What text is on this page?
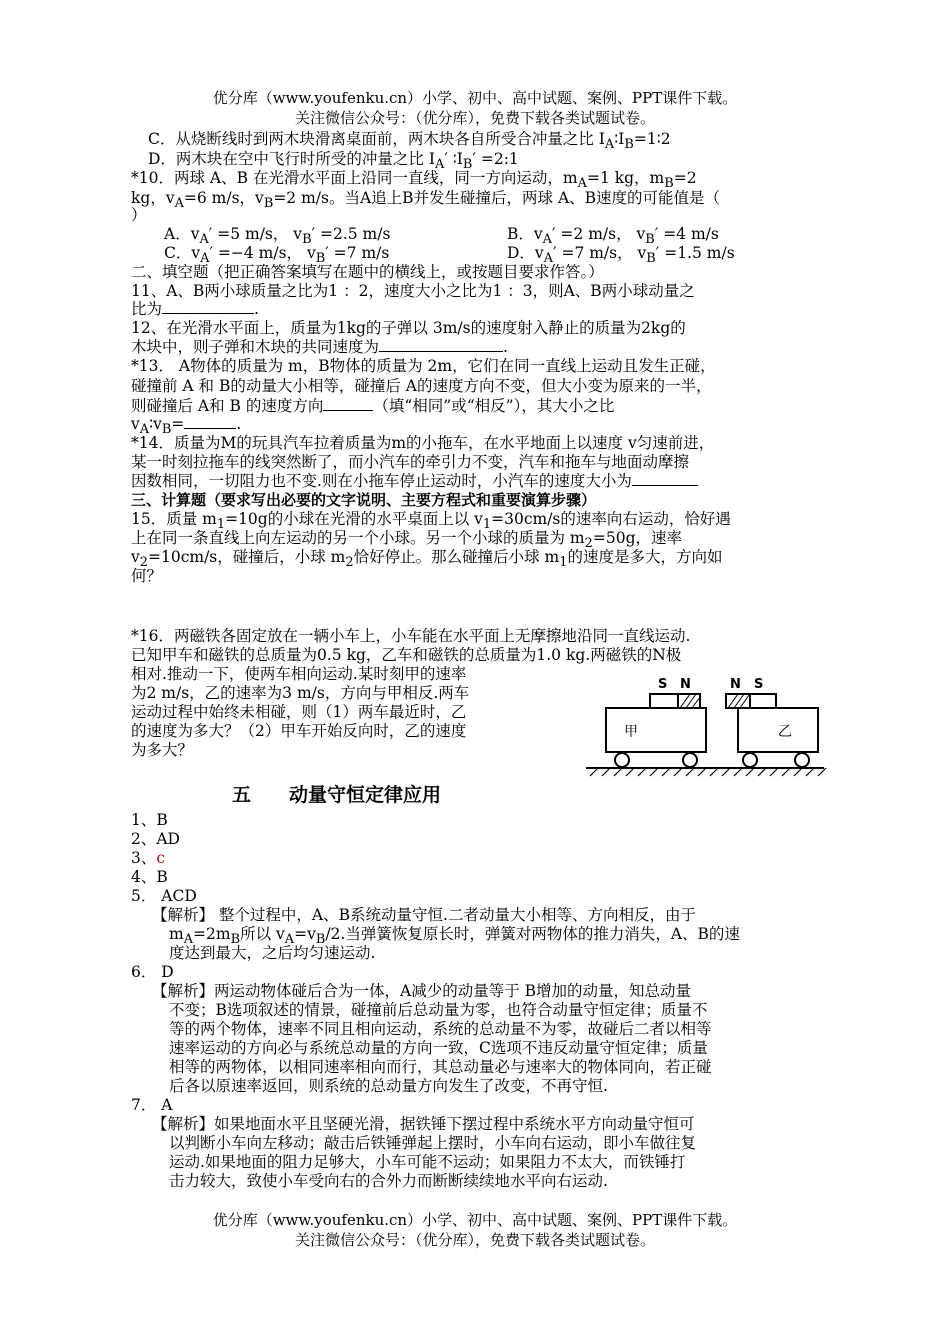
优分库（www.youfenku.cn）小学、初中、高中试题、案例、PPT课件下载。
关注微信公众号：（优分库），免费下载各类试题试卷。
C．从烧断线时到两木块滑离桌面前，两木块各自所受合冲量之比 $I_A∶I_B=1∶2$
D．两木块在空中飞行时所受的冲量之比 $I_A'$ $∶I_B'$ =2:1
*10．两球 A、B 在光滑水平面上沿同一直线，同一方向运动，$m_A=1$ kg，$m_B=2$
kg，$v_A=6$ m/s，$v_B=2$ m/s。当A追上B并发生碰撞后，两球 A、B速度的可能值是（
）
A．$v_A' =5$ m/s， $v_B' =2.5$ m/s	B．$v_A' =2$ m/s， $v_B' =4$ m/s
C．$v_A' =-4$ m/s， $v_B' =7$ m/s	D．$v_A' =7$ m/s， $v_B' =1.5$ m/s
二、填空题（把正确答案填写在题中的横线上，或按题目要求作答。）
11、A、B两小球质量之比为1 ：2，速度大小之比为1 ：3，则A、B两小球动量之
比为	.
12、在光滑水平面上，质量为1kg的子弹以 3m/s的速度射入静止的质量为2kg的
木块中，则子弹和木块的共同速度为	.
*13． A物体的质量为 m，B物体的质量为 2m，它们在同一直线上运动且发生正碰，
碰撞前 A 和 B的动量大小相等，碰撞后 A的速度方向不变，但大小变为原来的一半，
则碰撞后 A和 B 的速度方向	（填“相同”或“相反”），其大小之比
$v_A∶v_B=$	.
*14．质量为M的玩具汽车拉着质量为m的小拖车，在水平地面上以速度 v匀速前进，
某一时刻拉拖车的线突然断了，而小汽车的牵引力不变，汽车和拖车与地面动摩擦
因数相同，一切阻力也不变.则在小拖车停止运动时，小汽车的速度大小为
三、计算题（要求写出必要的文字说明、主要方程式和重要演算步骤）
15．质量 $m_1=10g$的小球在光滑的水平桌面上以 $v_1=30cm/s$的速率向右运动，恰好遇
上在同一条直线上向左运动的另一个小球。另一个小球的质量为 $m_2=50g$，速率
$v_2=10cm/s$，碰撞后，小球 $m_2$恰好停止。那么碰撞后小球 $m_1$的速度是多大，方向如
何？
*16．两磁铁各固定放在一辆小车上，小车能在水平面上无摩擦地沿同一直线运动.
已知甲车和磁铁的总质量为0.5 kg，乙车和磁铁的总质量为1.0 kg.两磁铁的N极
相对.推动一下，使两车相向运动.某时刻甲的速率
为2 m/s，乙的速率为3 m/s，方向与甲相反.两车
运动过程中始终未相碰，则（1）两车最近时，乙
的速度为多大？（2）甲车开始反向时，乙的速度
为多大？
甲
S N
乙
N S
五 动量守恒定律应用
1、B
2、AD
3、c
4、B
5． ACD
【解析】 整个过程中，A、B系统动量守恒.二者动量大小相等、方向相反，由于
$m_A=2m_B$所以 $v_A=v_B/2$.当弹簧恢复原长时，弹簧对两物体的推力消失，A、B的速
度达到最大，之后均匀速运动.
6． D
【解析】两运动物体碰后合为一体，A减少的动量等于 B增加的动量，知总动量
不变；B选项叙述的情景，碰撞前后总动量为零，也符合动量守恒定律；质量不
等的两个物体，速率不同且相向运动，系统的总动量不为零，故碰后二者以相等
速率运动的方向必与系统总动量的方向一致，C选项不违反动量守恒定律；质量
相等的两物体，以相同速率相向而行，其总动量必与速率大的物体同向，若正碰
后各以原速率返回，则系统的总动量方向发生了改变，不再守恒.
7． A
【解析】如果地面水平且坚硬光滑，据铁锤下摆过程中系统水平方向动量守恒可
以判断小车向左移动；敲击后铁锤弹起上摆时，小车向右运动，即小车做往复
运动.如果地面的阻力足够大，小车可能不运动；如果阻力不太大，而铁锤打
击力较大，致使小车受向右的合外力而断断续续地水平向右运动.
优分库（www.youfenku.cn）小学、初中、高中试题、案例、PPT课件下载。
关注微信公众号：（优分库），免费下载各类试题试卷。
